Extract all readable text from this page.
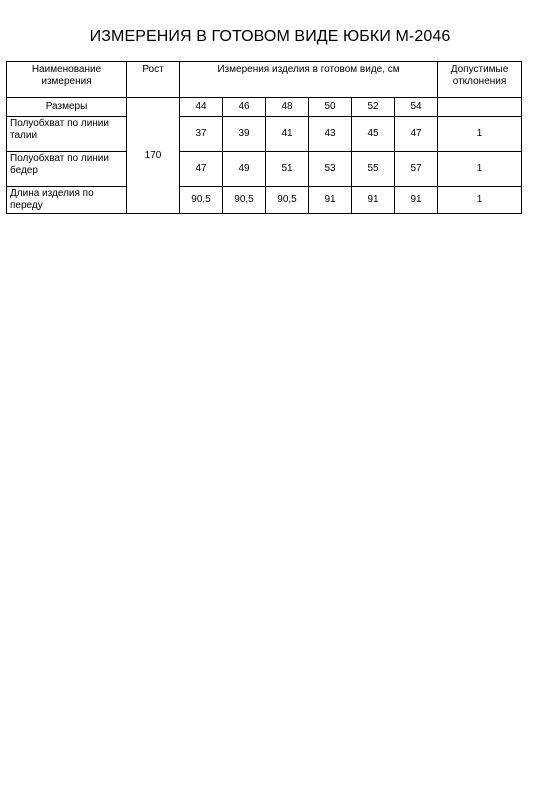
ИЗМЕРЕНИЯ В ГОТОВОМ ВИДЕ ЮБКИ М-2046
Наименование измерения	Рост	Измерения изделия в готовом виде, см						Допустимые отклонения
Размеры	170	44	46	48	50	52	54	
Полуобхват по линии талии		37	39	41	43	45	47	1
Полуобхват по линии бедер		47	49	51	53	55	57	1
Длина изделия по переду		90,5	90,5	90,5	91	91	91	1
